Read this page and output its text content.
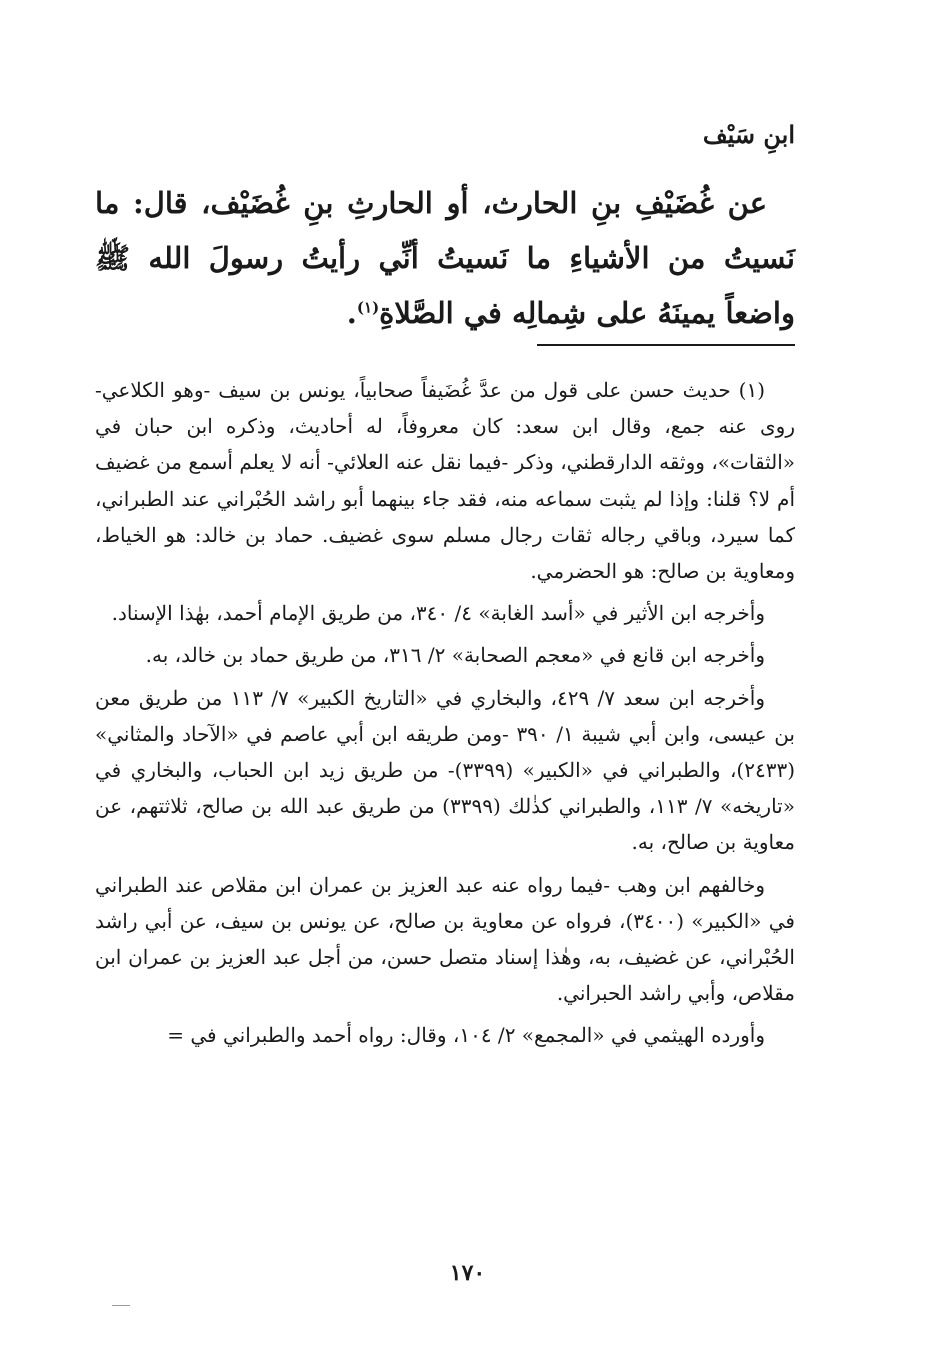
ابنِ سَيْف

عن غُضَيْفِ بنِ الحارث، أو الحارثِ بنِ غُضَيْف، قال: ما نَسيتُ من الأشياءِ ما نَسيتُ أنِّي رأيتُ رسولَ الله ﷺ واضعاً يمينَهُ على شِمالِه في الصَّلاةِ$^{(١)}$.

(١) حديث حسن على قول من عدَّ غُضَيفاً صحابياً، يونس بن سيف -وهو الكلاعي- روى عنه جمع، وقال ابن سعد: كان معروفاً، له أحاديث، وذكره ابن حبان في «الثقات»، ووثقه الدارقطني، وذكر -فيما نقل عنه العلائي- أنه لا يعلم أسمع من غضيف أم لا؟ قلنا: وإذا لم يثبت سماعه منه، فقد جاء بينهما أبو راشد الحُبْراني عند الطبراني، كما سيرد، وباقي رجاله ثقات رجال مسلم سوى غضيف. حماد بن خالد: هو الخياط، ومعاوية بن صالح: هو الحضرمي.

وأخرجه ابن الأثير في «أسد الغابة» ٤/ ٣٤٠، من طريق الإمام أحمد، بهٰذا الإسناد.

وأخرجه ابن قانع في «معجم الصحابة» ٢/ ٣١٦، من طريق حماد بن خالد، به.

وأخرجه ابن سعد ٧/ ٤٢٩، والبخاري في «التاريخ الكبير» ٧/ ١١٣ من طريق معن بن عيسى، وابن أبي شيبة ١/ ٣٩٠ -ومن طريقه ابن أبي عاصم في «الآحاد والمثاني» (٢٤٣٣)، والطبراني في «الكبير» (٣٣٩٩)- من طريق زيد ابن الحباب، والبخاري في «تاريخه» ٧/ ١١٣، والطبراني كذٰلك (٣٣٩٩) من طريق عبد الله بن صالح، ثلاثتهم، عن معاوية بن صالح، به.

وخالفهم ابن وهب -فيما رواه عنه عبد العزيز بن عمران ابن مقلاص عند الطبراني في «الكبير» (٣٤٠٠)، فرواه عن معاوية بن صالح، عن يونس بن سيف، عن أبي راشد الحُبْراني، عن غضيف، به، وهٰذا إسناد متصل حسن، من أجل عبد العزيز بن عمران ابن مقلاص، وأبي راشد الحبراني.

وأورده الهيثمي في «المجمع» ٢/ ١٠٤، وقال: رواه أحمد والطبراني في =

١٧٠
